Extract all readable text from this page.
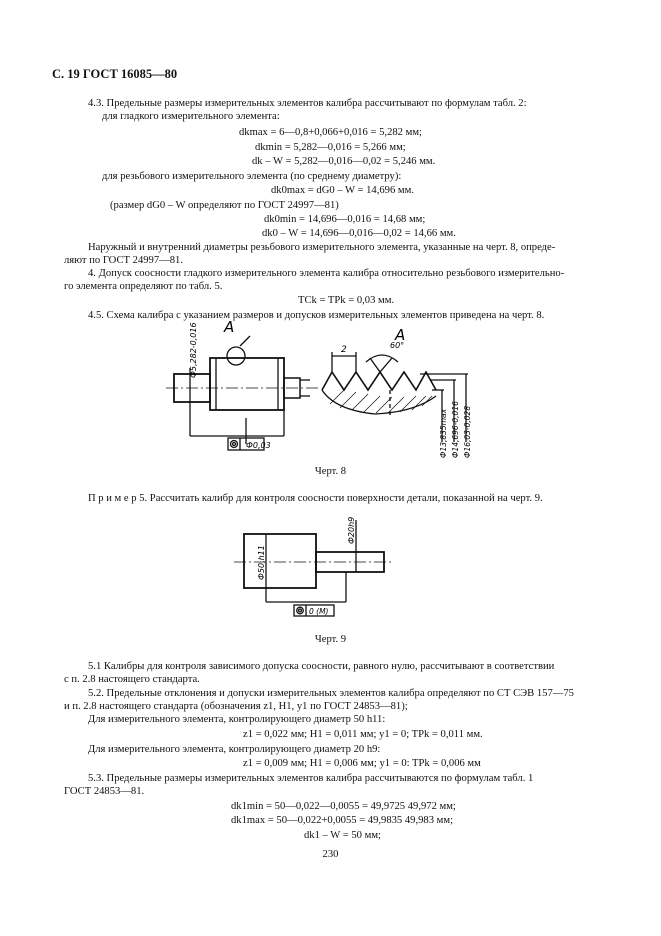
С. 19 ГОСТ 16085—80
4.3. Предельные размеры измерительных элементов калибра рассчитывают по формулам табл. 2:
для гладкого измерительного элемента:
dkmax = 6—0,8+0,066+0,016 = 5,282 мм;
dkmin = 5,282—0,016 = 5,266 мм;
dk – W = 5,282—0,016—0,02 = 5,246 мм.
для резьбового измерительного элемента (по среднему диаметру):
dk0max = dG0 – W = 14,696 мм.
(размер dG0 – W определяют по ГОСТ 24997—81)
dk0min = 14,696—0,016 = 14,68 мм;
dk0 – W = 14,696—0,016—0,02 = 14,66 мм.
Наружный и внутренний диаметры резьбового измерительного элемента, указанные на черт. 8, опреде-
ляют по ГОСТ 24997—81.
4. Допуск соосности гладкого измерительного элемента калибра относительно резьбового измерительно-
го элемента определяют по табл. 5.
TCk = TPk = 0,03 мм.
4.5. Схема калибра с указанием размеров и допусков измерительных элементов приведена на черт. 8.
Ф5,282-0,016 А
Ф0,03
А
2	60°
Ф13,835max Ф14,696-0,016 Ф16,03-0,028
Черт. 8
П р и м е р 5. Рассчитать калибр для контроля соосности поверхности детали, показанной на черт. 9.
Ф20h9
Ф50,h11
0 (M)
Черт. 9
5.1 Калибры для контроля зависимого допуска соосности, равного нулю, рассчитывают в соответствии
с п. 2.8 настоящего стандарта.
5.2. Предельные отклонения и допуски измерительных элементов калибра определяют по СТ СЭВ 157—75
и п. 2.8 настоящего стандарта (обозначения z1, H1, y1 по ГОСТ 24853—81);
Для измерительного элемента, контролирующего диаметр 50 h11:
z1 = 0,022 мм; H1 = 0,011 мм; y1 = 0; TPk = 0,011 мм.
Для измерительного элемента, контролирующего диаметр 20 h9:
z1 = 0,009 мм; H1 = 0,006 мм; y1 = 0: TPk = 0,006 мм
5.3. Предельные размеры измерительных элементов калибра рассчитываются по формулам табл. 1
ГОСТ 24853—81.
dk1min = 50—0,022—0,0055 = 49,9725 49,972 мм;
dk1max = 50—0,022+0,0055 = 49,9835 49,983 мм;
dk1 – W = 50 мм;
230
